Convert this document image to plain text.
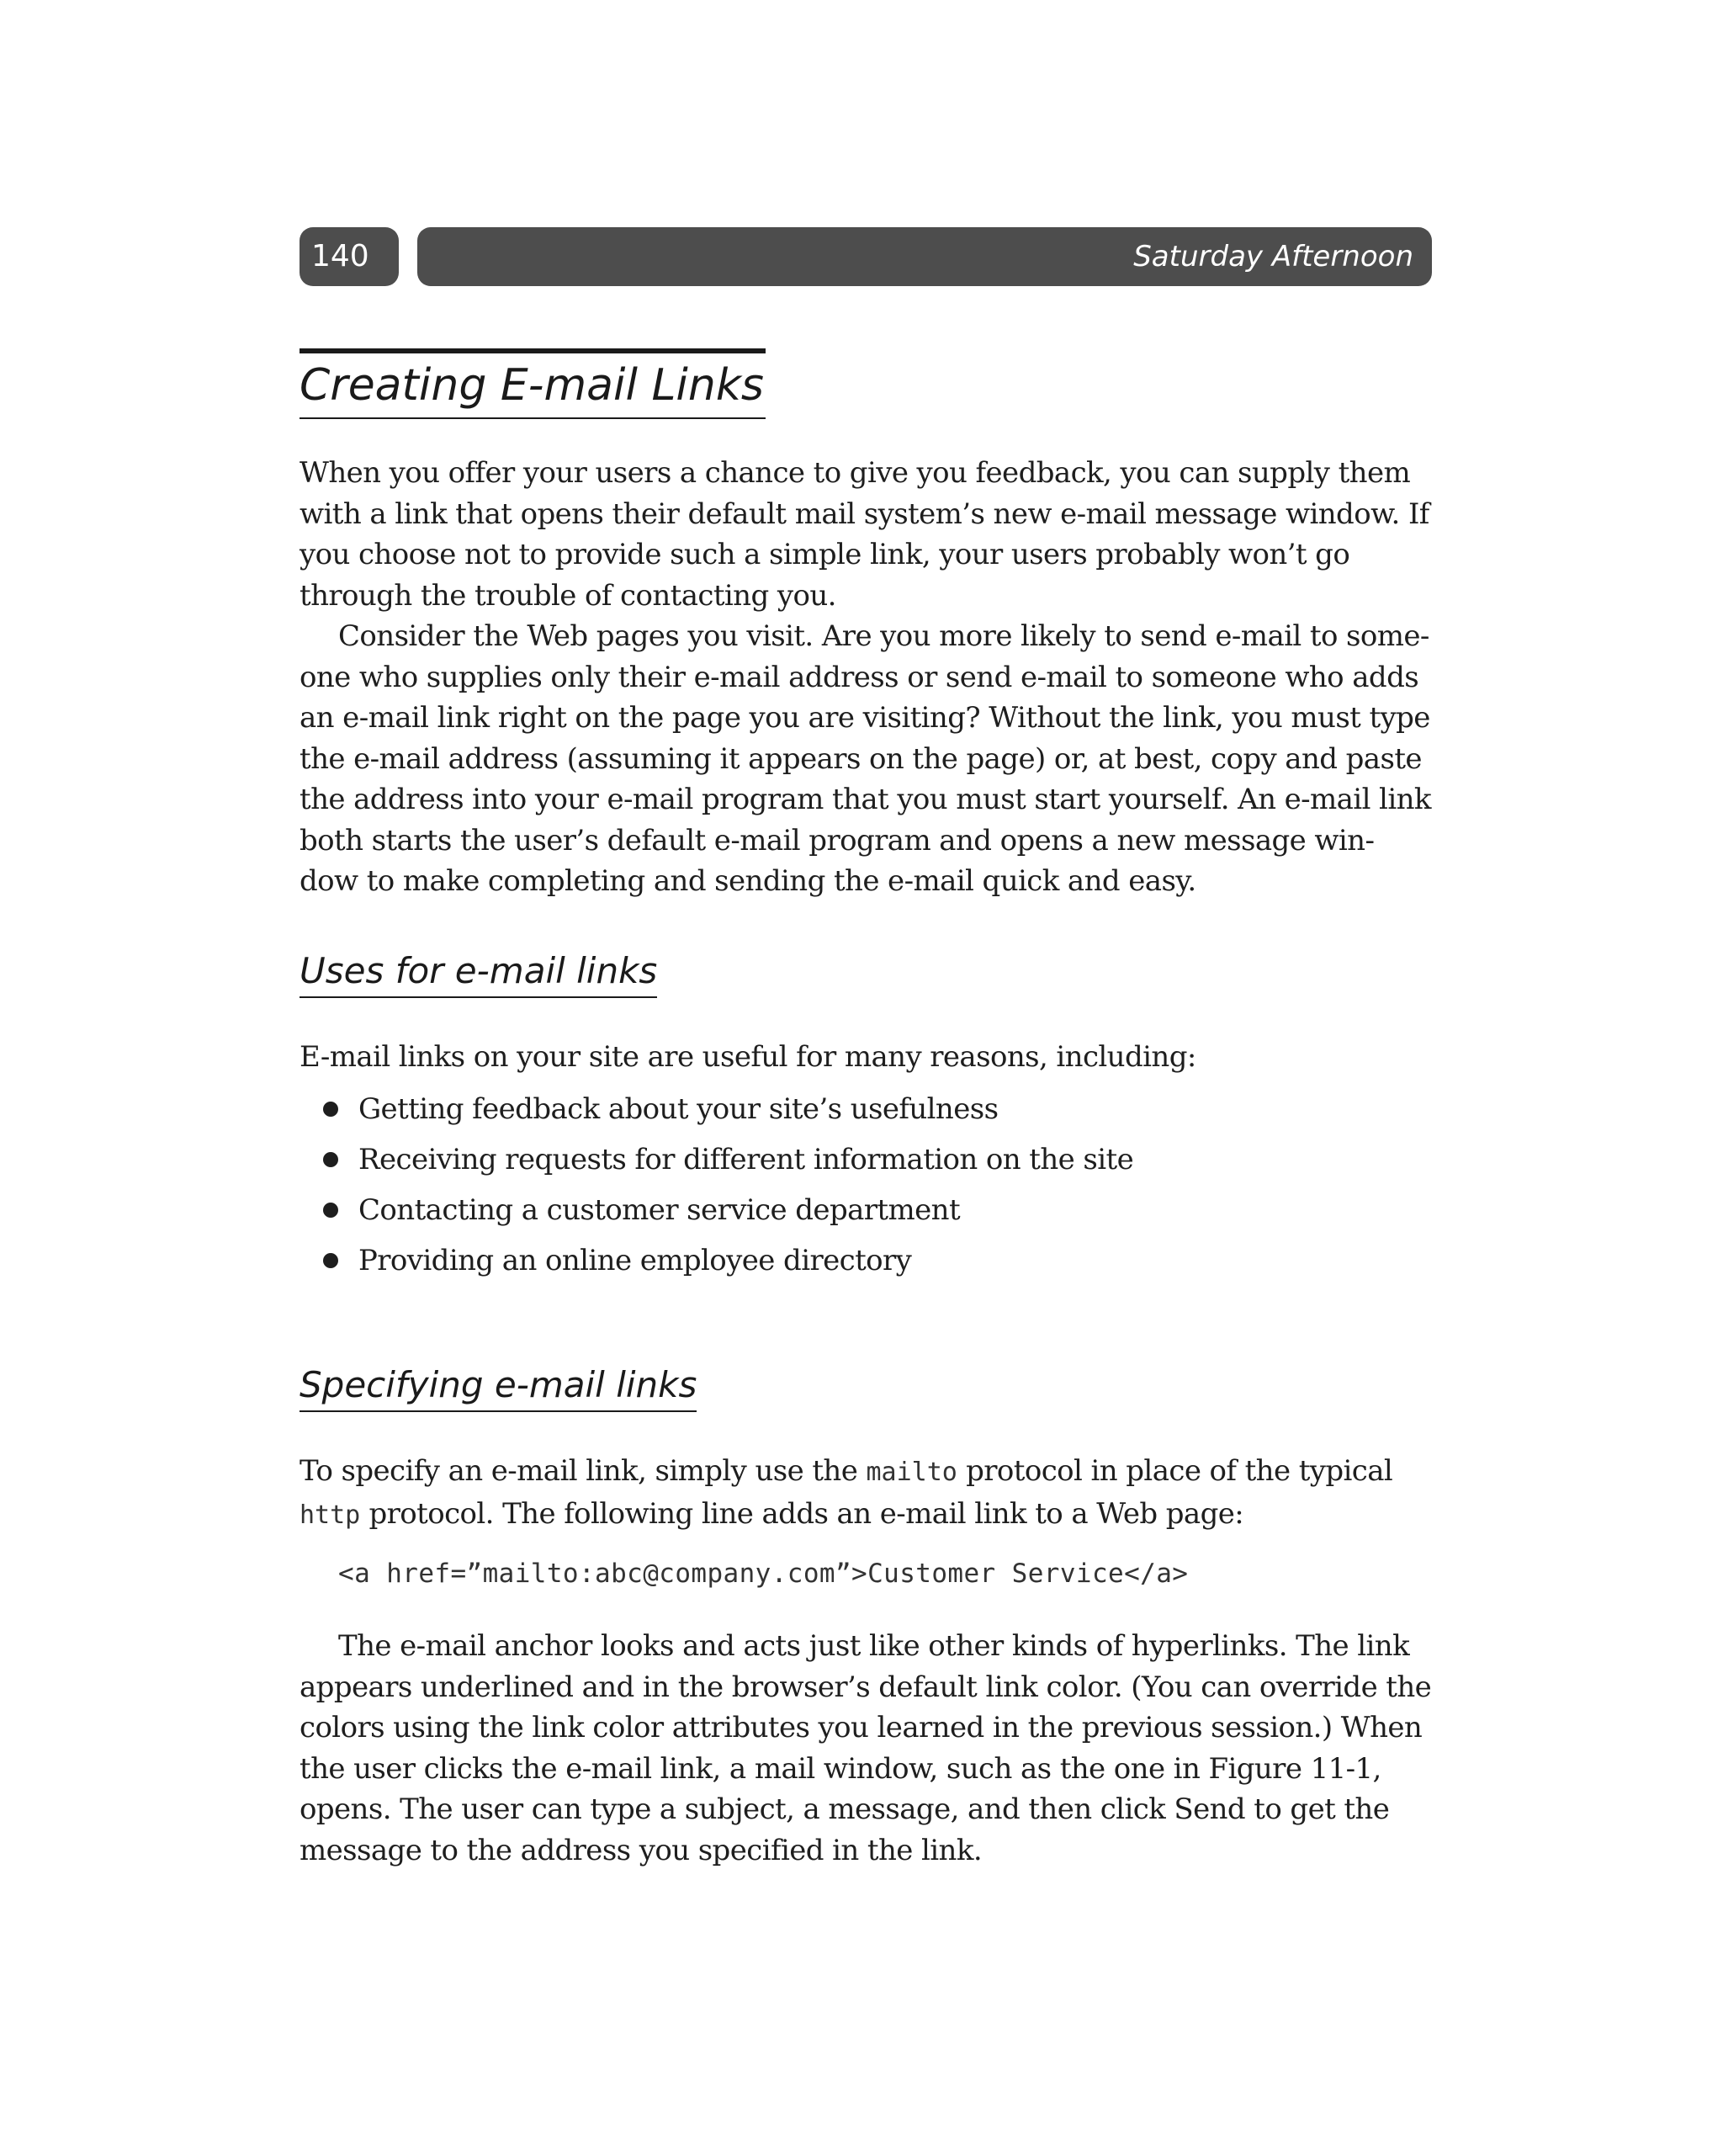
140	Saturday Afternoon
Creating E-mail Links

When you offer your users a chance to give you feedback, you can supply them with a link that opens their default mail system’s new e-mail message window. If you choose not to provide such a simple link, your users probably won’t go through the trouble of contacting you.

Consider the Web pages you visit. Are you more likely to send e-mail to some-one who supplies only their e-mail address or send e-mail to someone who adds an e-mail link right on the page you are visiting? Without the link, you must type the e-mail address (assuming it appears on the page) or, at best, copy and paste the address into your e-mail program that you must start yourself. An e-mail link both starts the user’s default e-mail program and opens a new message win-dow to make completing and sending the e-mail quick and easy.

Uses for e-mail links

E-mail links on your site are useful for many reasons, including:

Getting feedback about your site’s usefulness
Receiving requests for different information on the site
Contacting a customer service department
Providing an online employee directory
Specifying e-mail links

To specify an e-mail link, simply use the mailto protocol in place of the typical http protocol. The following line adds an e-mail link to a Web page:

<a href=”mailto:abc@company.com”>Customer Service</a>

The e-mail anchor looks and acts just like other kinds of hyperlinks. The link appears underlined and in the browser’s default link color. (You can override the colors using the link color attributes you learned in the previous session.) When the user clicks the e-mail link, a mail window, such as the one in Figure 11-1, opens. The user can type a subject, a message, and then click Send to get the message to the address you specified in the link.
